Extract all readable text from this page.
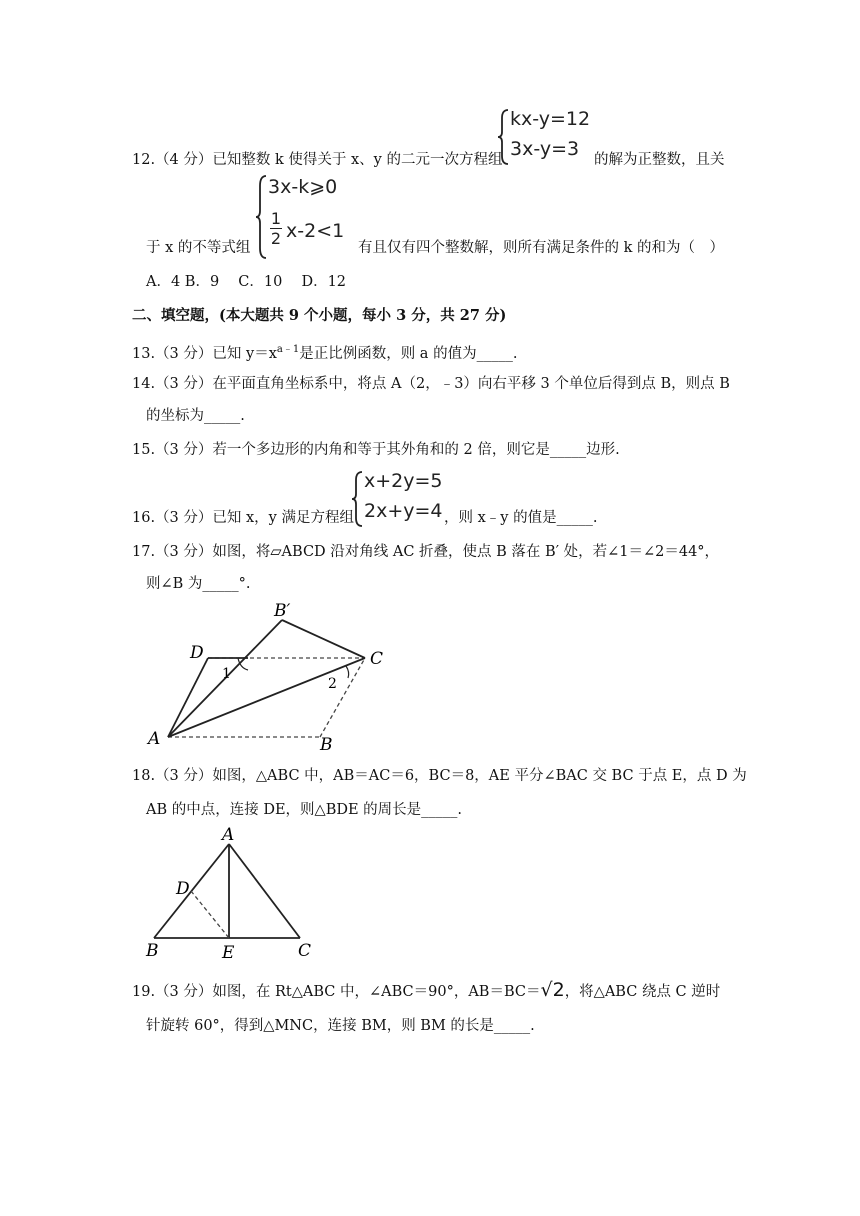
kx-y=12
3x-y=3
12.（4 分）已知整数 k 使得关于 x、y 的二元一次方程组	的解为正整数，且关
3x-k⩾0
1
2 x-2<1
于 x 的不等式组	有且仅有四个整数解，则所有满足条件的 k 的和为（　）
A．4 B．9 　C．10 　D．12
二、填空题，(本大题共 9 个小题，每小 3 分，共 27 分)
13.（3 分）已知 $y=x^{a﹣1}$是正比例函数，则 a 的值为_____.
14.（3 分）在平面直角坐标系中，将点 A（2，﹣3）向右平移 3 个单位后得到点 B，则点 B
的坐标为_____.
15.（3 分）若一个多边形的内角和等于其外角和的 2 倍，则它是_____边形.
x+2y=5
2x+y=4
16.（3 分）已知 x，y 满足方程组	，则 x﹣y 的值是_____.
17.（3 分）如图，将▱ABCD 沿对角线 AC 折叠，使点 B 落在 B′ 处，若∠1＝∠2＝44°，
则∠B 为_____°.
D
B′
C
A	B
1
2
18.（3 分）如图，△ABC 中，AB＝AC＝6，BC＝8，AE 平分∠BAC 交 BC 于点 E，点 D 为
AB 的中点，连接 DE，则△BDE 的周长是_____.
A
D
B	E	C
19.（3 分）如图，在 Rt△ABC 中，∠ABC＝90°，AB＝BC＝√2，将△ABC 绕点 C 逆时
针旋转 60°，得到△MNC，连接 BM，则 BM 的长是_____.
